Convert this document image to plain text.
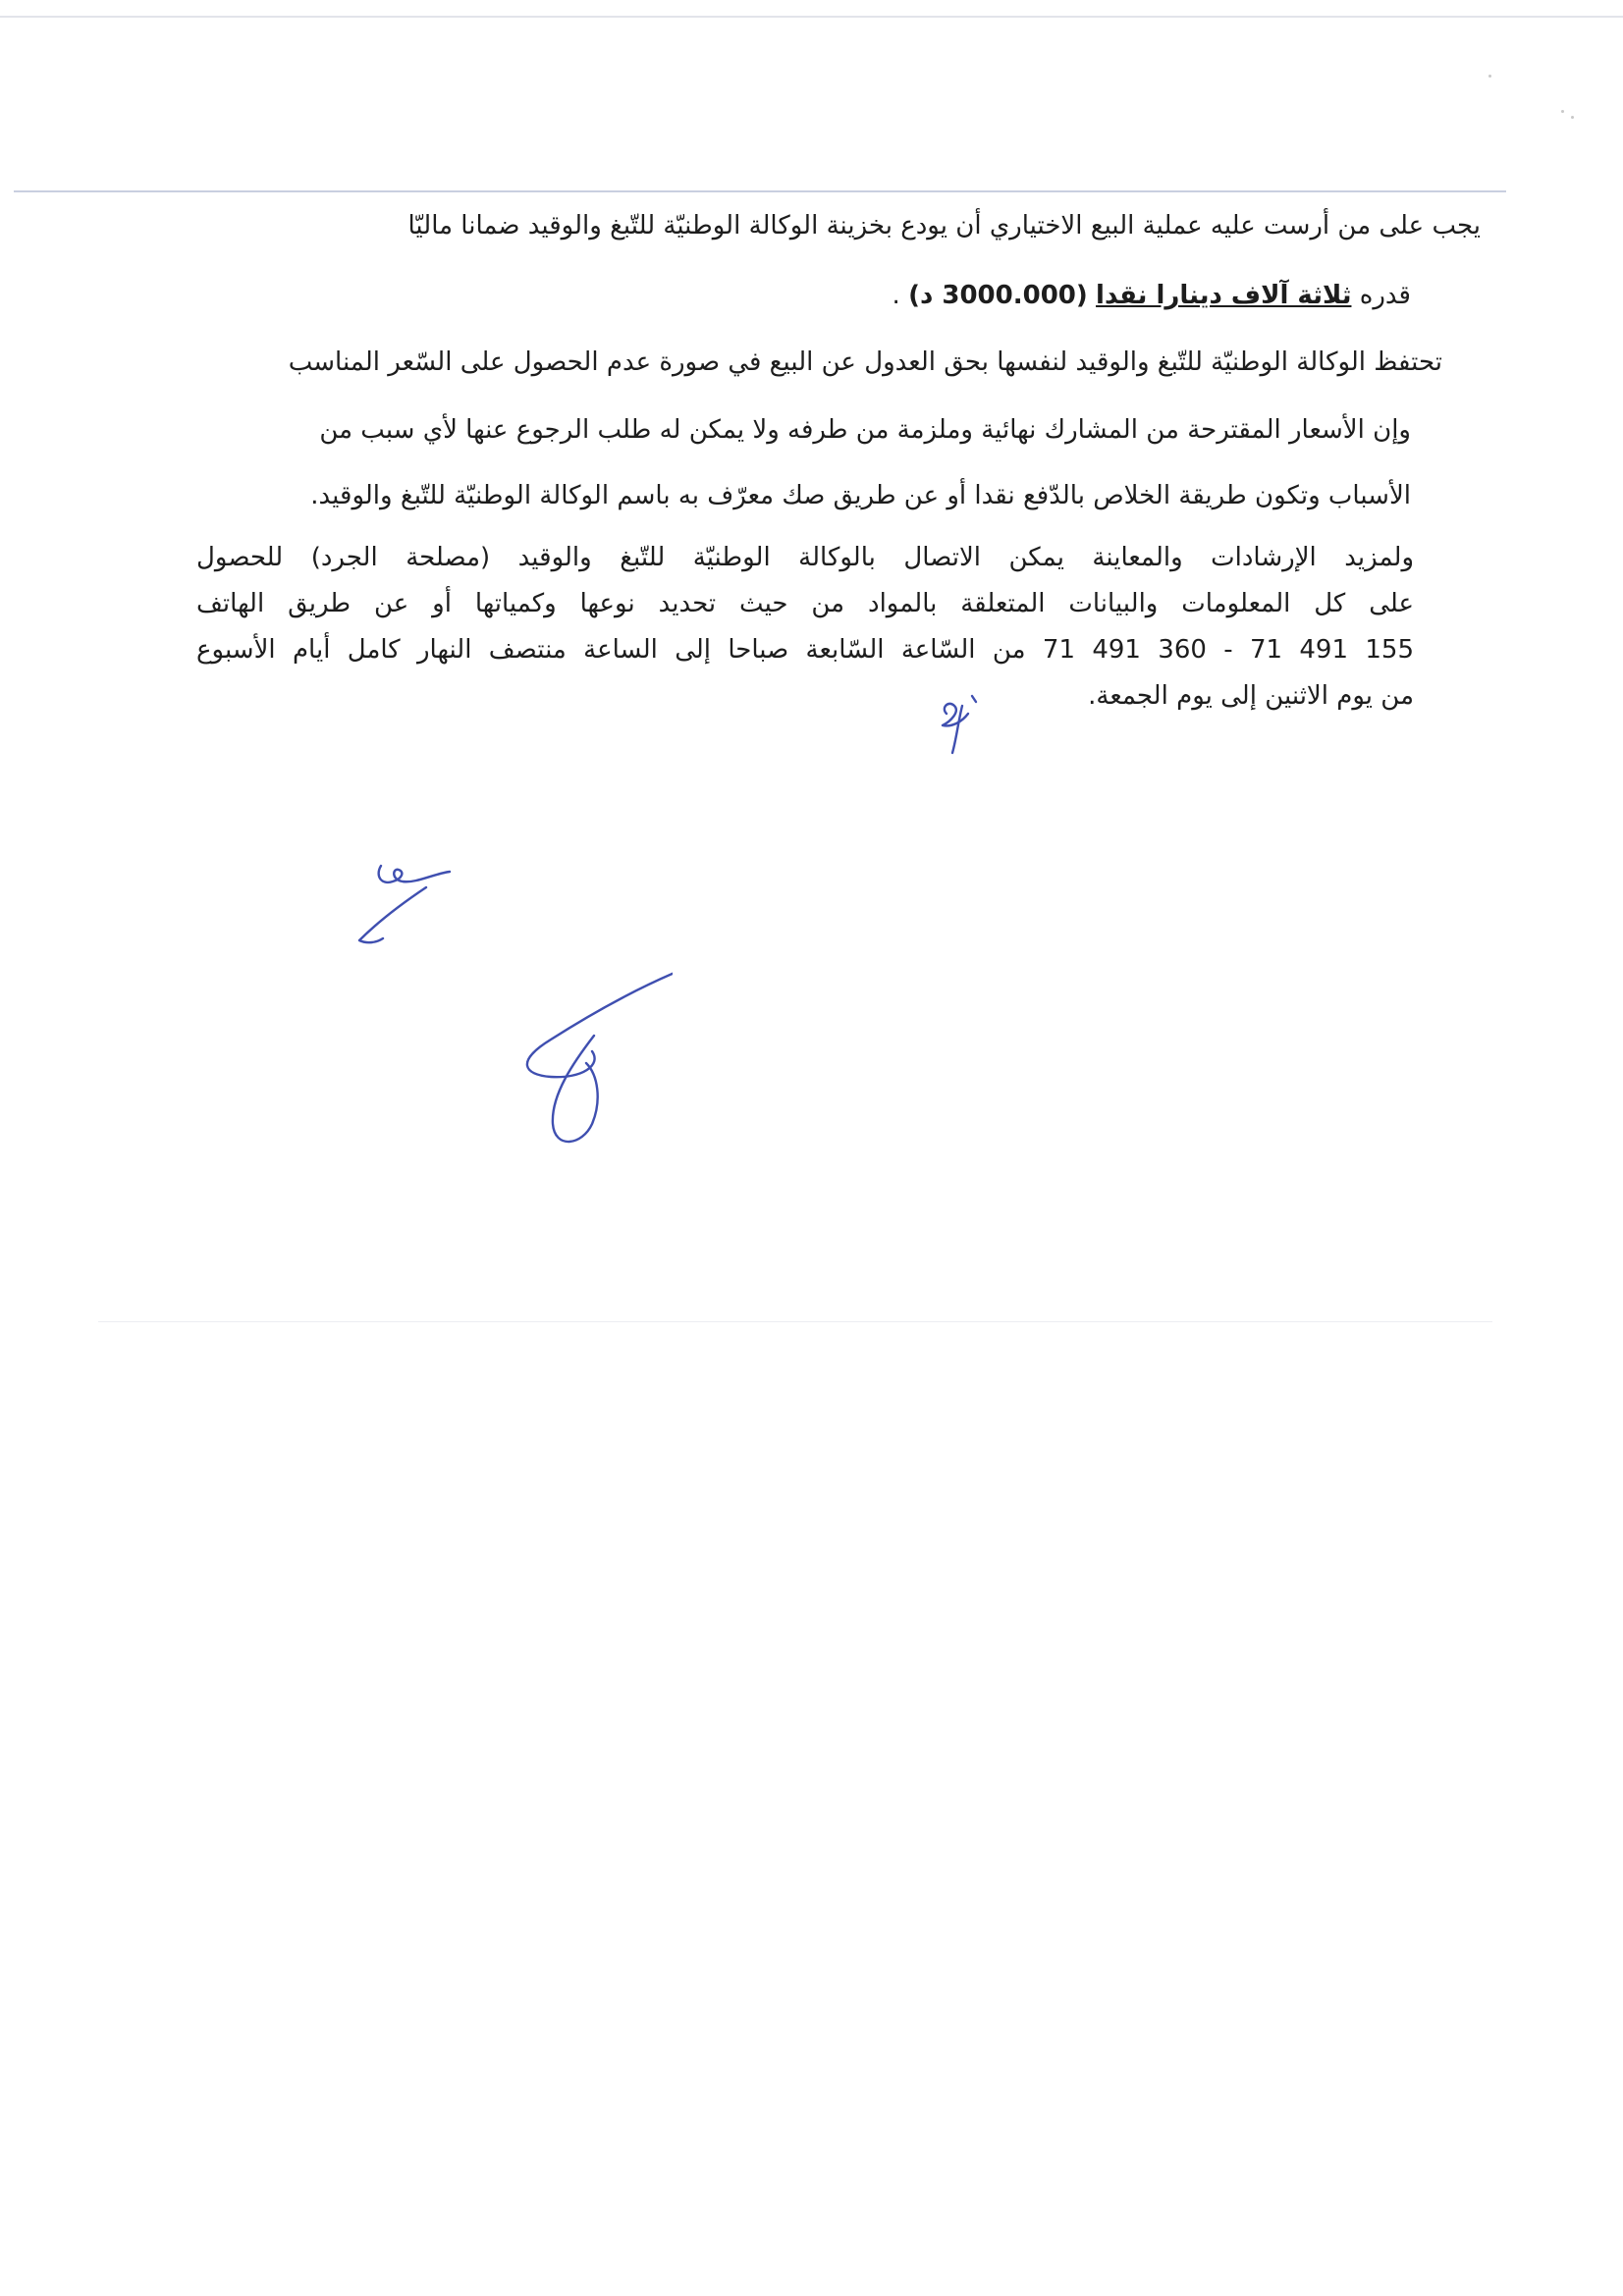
يجب على من أرست عليه عملية البيع الاختياري أن يودع بخزينة الوكالة الوطنيّة للتّبغ والوقيد ضمانا ماليّا
قدره ثلاثة آلاف دينارا نقدا (3000.000 د) .
تحتفظ الوكالة الوطنيّة للتّبغ والوقيد لنفسها بحق العدول عن البيع في صورة عدم الحصول على السّعر المناسب
وإن الأسعار المقترحة من المشارك نهائية وملزمة من طرفه ولا يمكن له طلب الرجوع عنها لأي سبب من
الأسباب وتكون طريقة الخلاص بالدّفع نقدا أو عن طريق صك معرّف به باسم الوكالة الوطنيّة للتّبغ والوقيد.
ولمزيد الإرشادات والمعاينة يمكن الاتصال بالوكالة الوطنيّة للتّبغ والوقيد (مصلحة الجرد) للحصول
على كل المعلومات والبيانات المتعلقة بالمواد من حيث تحديد نوعها وكمياتها أو عن طريق الهاتف
155 491 71 - 360 491 71 من السّاعة السّابعة صباحا إلى الساعة منتصف النهار كامل أيام الأسبوع
من يوم الاثنين إلى يوم الجمعة.
